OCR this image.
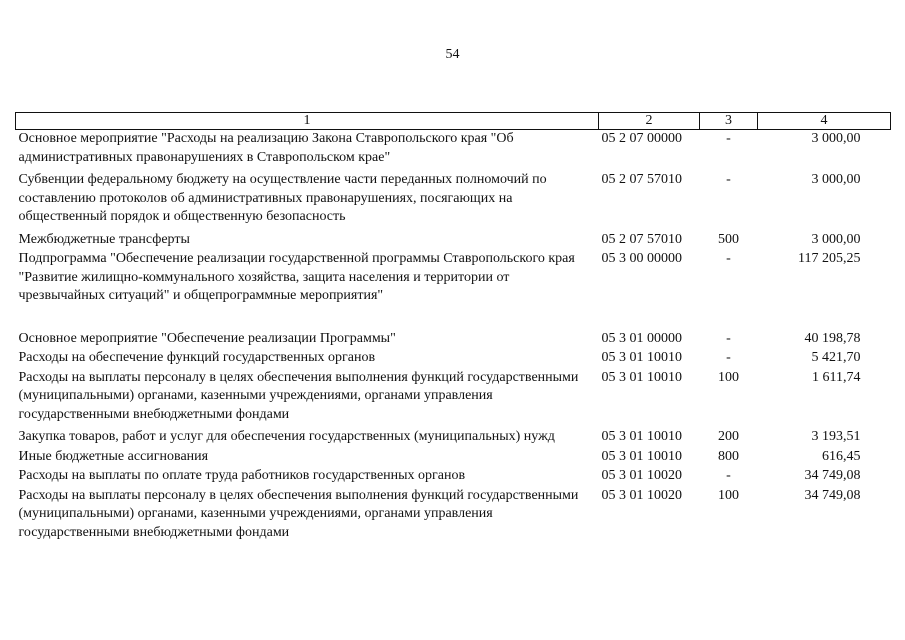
54
1	2	3	4
Основное мероприятие "Расходы на реализацию Закона Ставропольского края "Об административных правонарушениях в Ставропольском крае"	05 2 07 00000	-	3 000,00
Субвенции федеральному бюджету на осуществление части переданных полномочий по составлению протоколов об административных правонарушениях, посягающих на общественный порядок и общественную безопасность	05 2 07 57010	-	3 000,00
Межбюджетные трансферты	05 2 07 57010	500	3 000,00
Подпрограмма "Обеспечение реализации государственной программы Ставропольского края "Развитие жилищно-коммунального хозяйства, защита населения и территории от чрезвычайных ситуаций" и общепрограммные мероприятия"	05 3 00 00000	-	117 205,25
Основное мероприятие "Обеспечение реализации Программы"	05 3 01 00000	-	40 198,78
Расходы на обеспечение функций государственных органов	05 3 01 10010	-	5 421,70
Расходы на выплаты персоналу в целях обеспечения выполнения функций государственными (муниципальными) органами, казенными учреждениями, органами управления государственными внебюджетными фондами	05 3 01 10010	100	1 611,74
Закупка товаров, работ и услуг для обеспечения государственных (муниципальных) нужд	05 3 01 10010	200	3 193,51
Иные бюджетные ассигнования	05 3 01 10010	800	616,45
Расходы на выплаты по оплате труда работников государственных органов	05 3 01 10020	-	34 749,08
Расходы на выплаты персоналу в целях обеспечения выполнения функций государственными (муниципальными) органами, казенными учреждениями, органами управления государственными внебюджетными фондами	05 3 01 10020	100	34 749,08
